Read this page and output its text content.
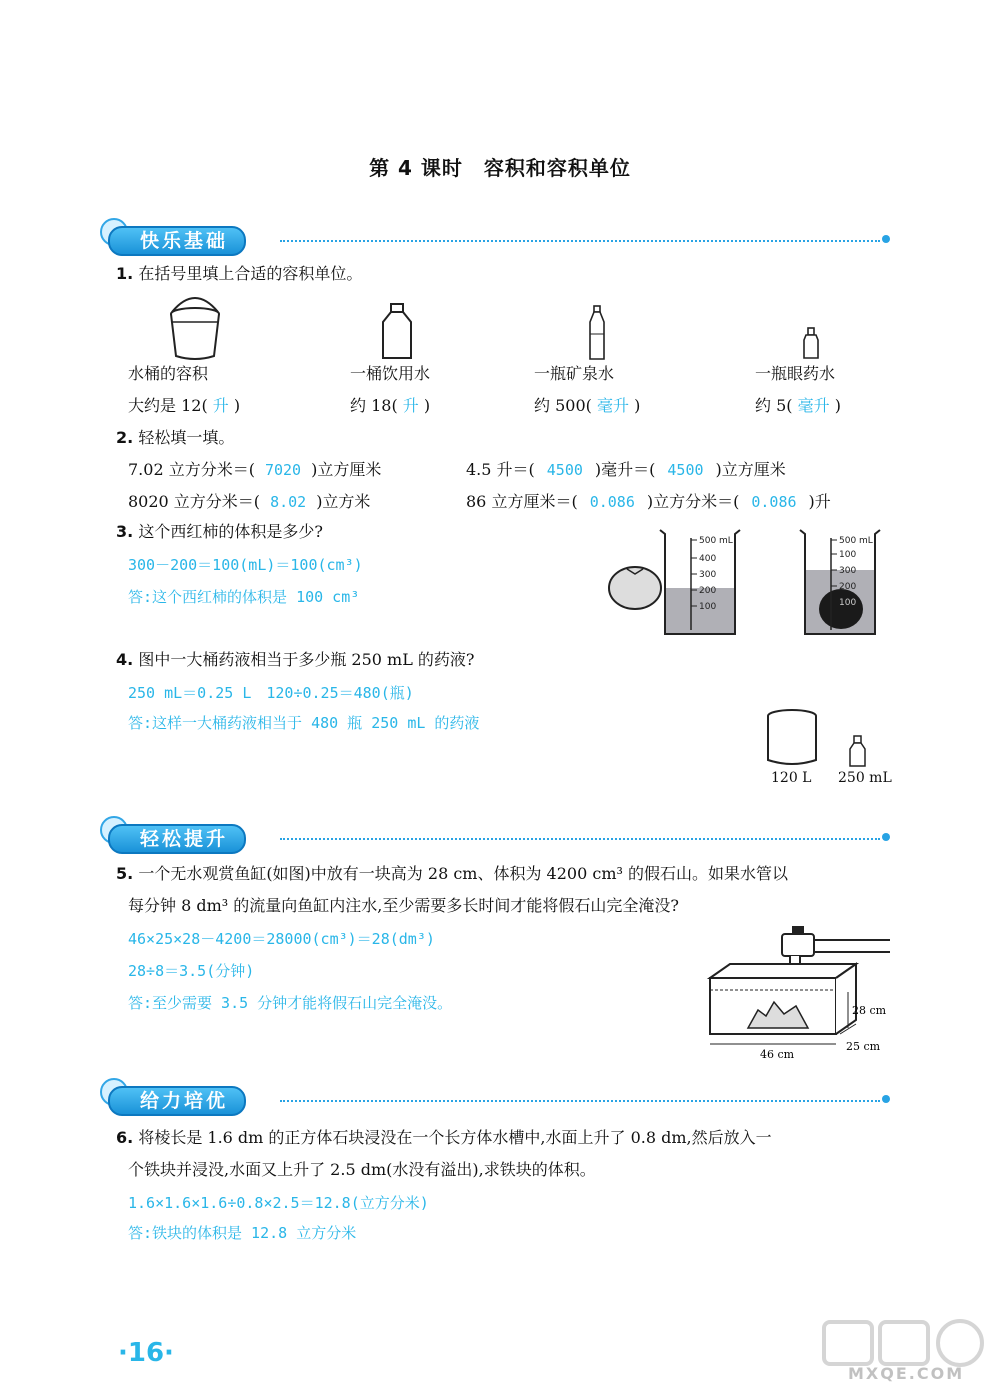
第 4 课时　容积和容积单位
快乐基础
1. 在括号里填上合适的容积单位。
水桶的容积
大约是 12( 升 )
一桶饮用水
约 18( 升 )
一瓶矿泉水
约 500( 毫升 )
一瓶眼药水
约 5( 毫升 )
2. 轻松填一填。
7.02 立方分米＝( 7020 )立方厘米	4.5 升＝( 4500 )毫升＝( 4500 )立方厘米
8020 立方分米＝( 8.02 )立方米	86 立方厘米＝( 0.086 )立方分米＝( 0.086 )升
3. 这个西红柿的体积是多少?
300－200＝100(mL)＝100(cm³)
答:这个西红柿的体积是 100 cm³
500 mL
400
300
200
100
500 mL
100
300
200
100
4. 图中一大桶药液相当于多少瓶 250 mL 的药液?
250 mL＝0.25 L　120÷0.25＝480(瓶)
答:这样一大桶药液相当于 480 瓶 250 mL 的药液
120 L 250 mL
轻松提升
5. 一个无水观赏鱼缸(如图)中放有一块高为 28 cm、体积为 4200 cm³ 的假石山。如果水管以
每分钟 8 dm³ 的流量向鱼缸内注水,至少需要多长时间才能将假石山完全淹没?
46×25×28－4200＝28000(cm³)＝28(dm³)
28÷8＝3.5(分钟)
答:至少需要 3.5 分钟才能将假石山完全淹没。
46 cm
28 cm
25 cm
给力培优
6. 将棱长是 1.6 dm 的正方体石块浸没在一个长方体水槽中,水面上升了 0.8 dm,然后放入一
个铁块并浸没,水面又上升了 2.5 dm(水没有溢出),求铁块的体积。
1.6×1.6×1.6÷0.8×2.5＝12.8(立方分米)
答:铁块的体积是 12.8 立方分米
·16·
MXQE.COM
